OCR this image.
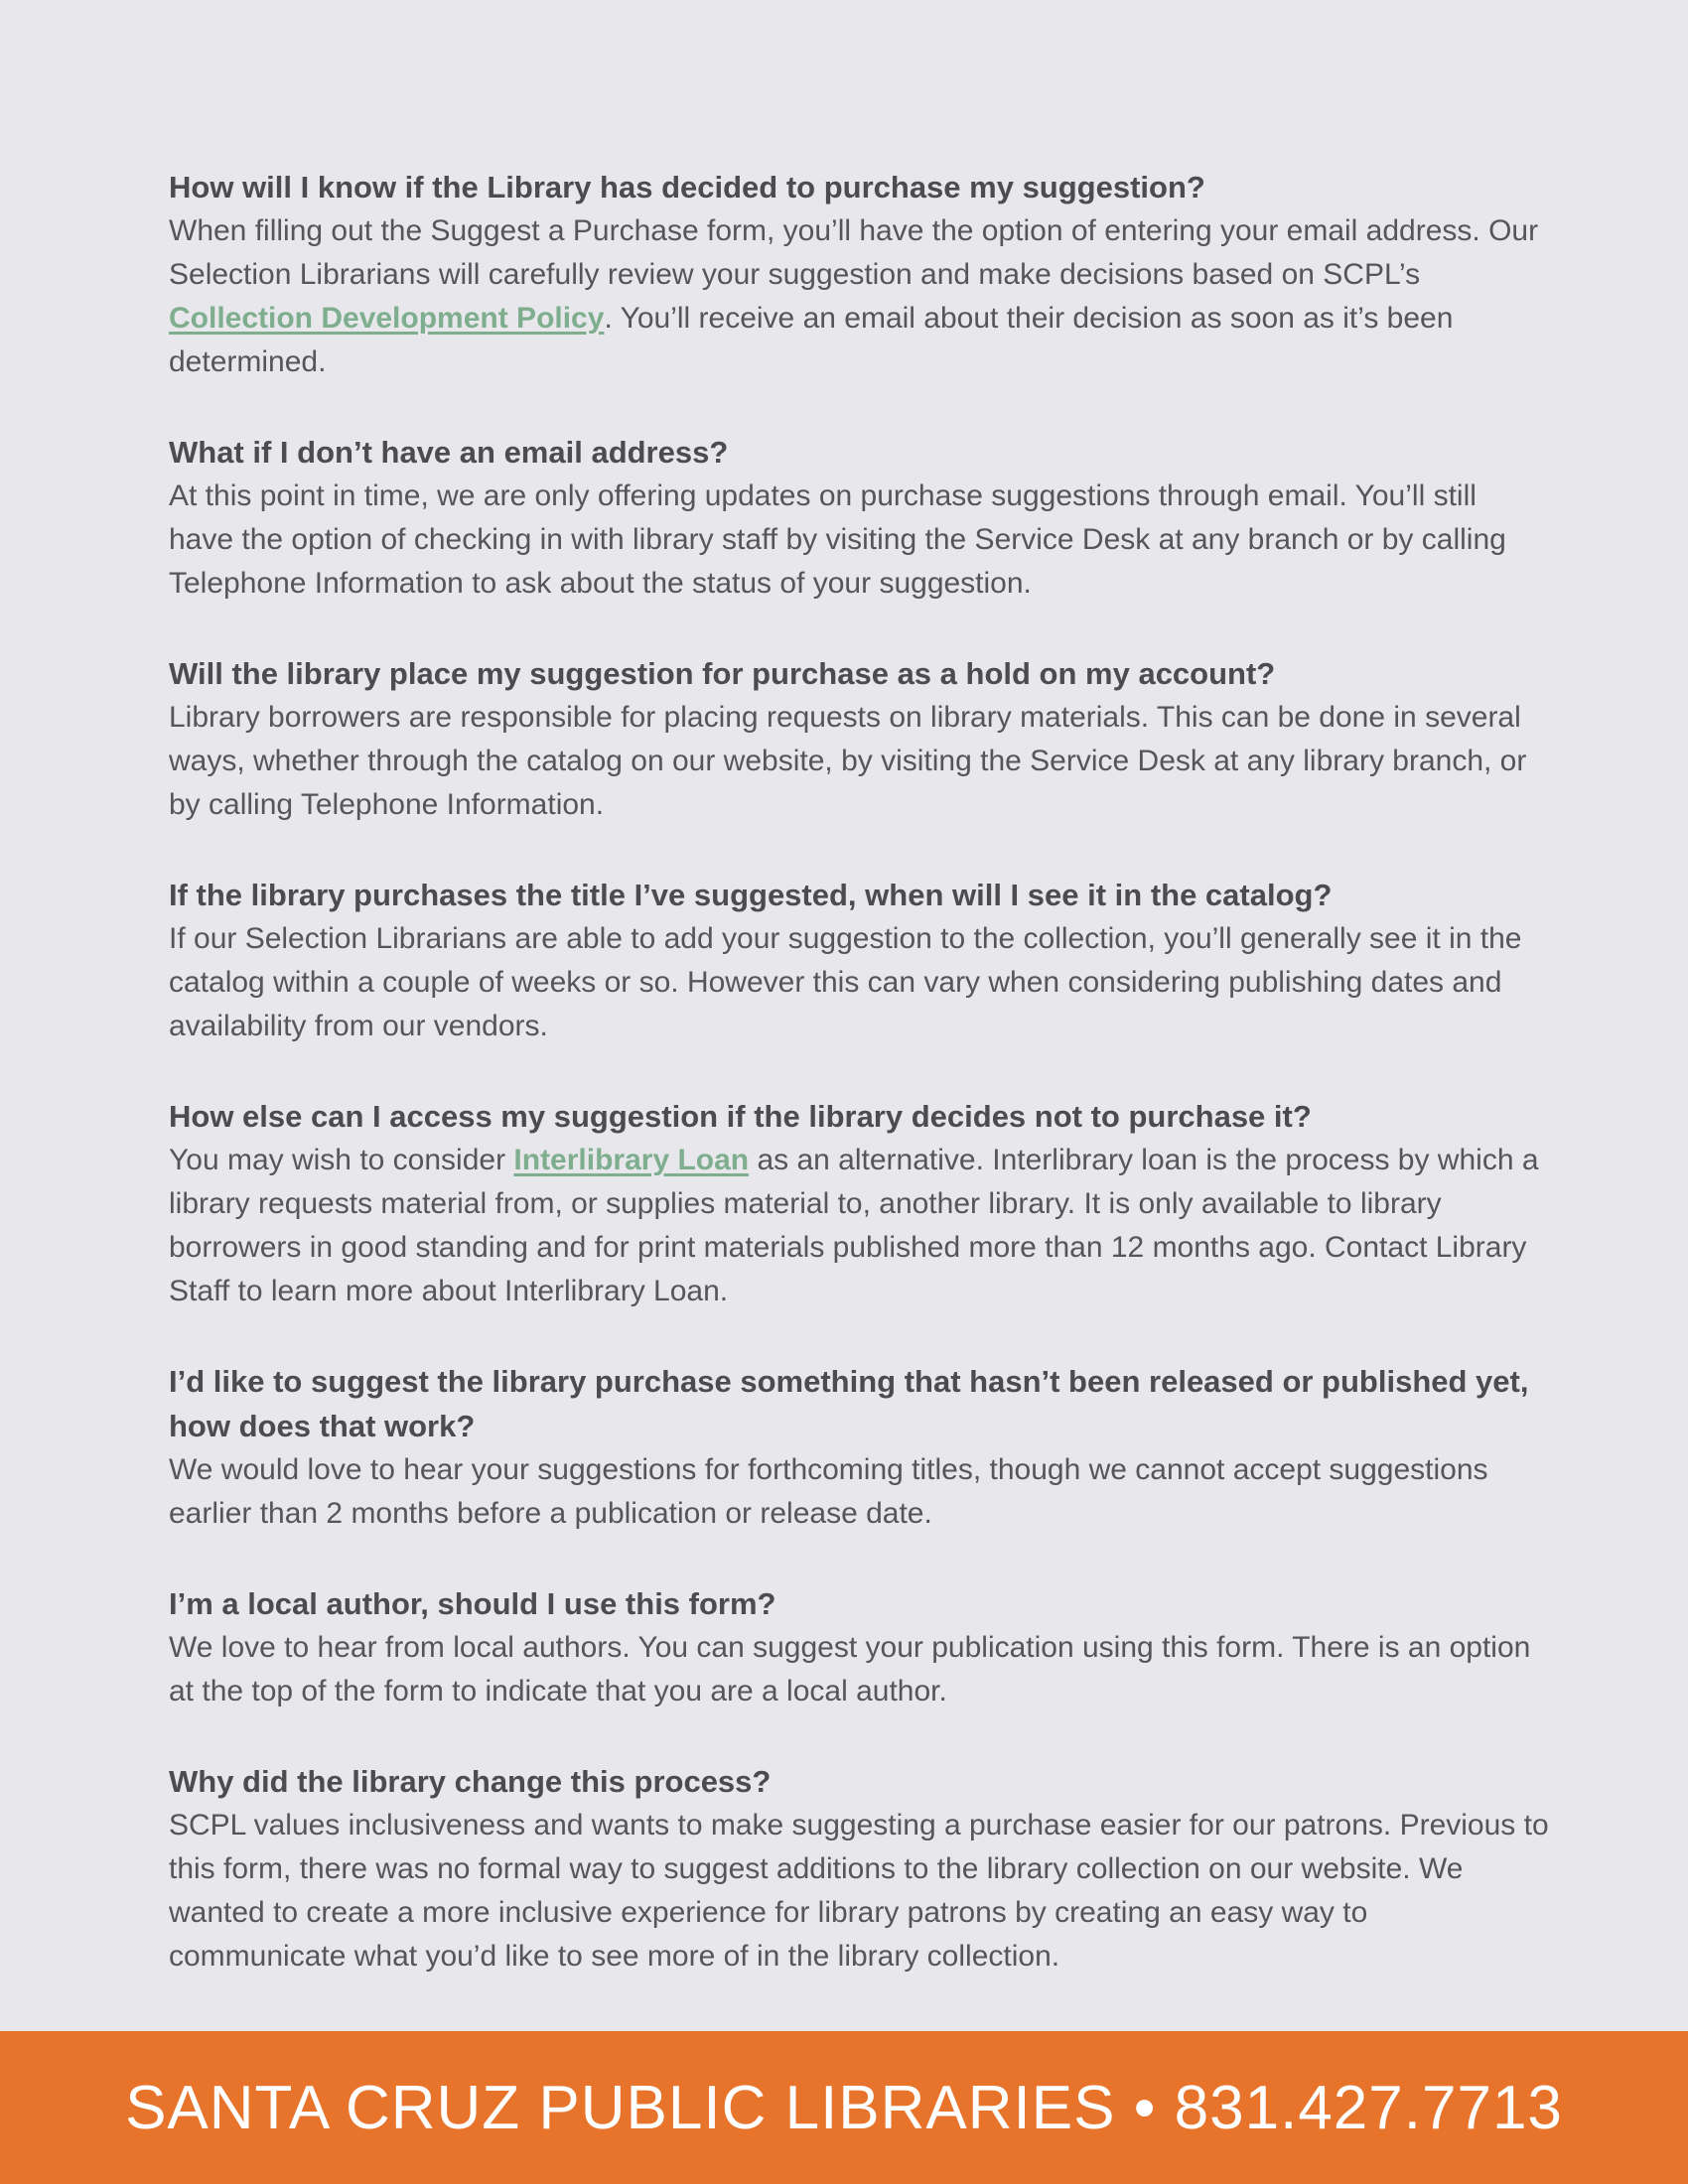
How will I know if the Library has decided to purchase my suggestion?

When filling out the Suggest a Purchase form, you’ll have the option of entering your email address. Our Selection Librarians will carefully review your suggestion and make decisions based on SCPL’s Collection Development Policy. You’ll receive an email about their decision as soon as it’s been determined.

What if I don’t have an email address?

At this point in time, we are only offering updates on purchase suggestions through email. You’ll still have the option of checking in with library staff by visiting the Service Desk at any branch or by calling Telephone Information to ask about the status of your suggestion.

Will the library place my suggestion for purchase as a hold on my account?

Library borrowers are responsible for placing requests on library materials. This can be done in several ways, whether through the catalog on our website, by visiting the Service Desk at any library branch, or by calling Telephone Information.

If the library purchases the title I’ve suggested, when will I see it in the catalog?

If our Selection Librarians are able to add your suggestion to the collection, you’ll generally see it in the catalog within a couple of weeks or so. However this can vary when considering publishing dates and availability from our vendors.

How else can I access my suggestion if the library decides not to purchase it?

You may wish to consider Interlibrary Loan as an alternative. Interlibrary loan is the process by which a library requests material from, or supplies material to, another library. It is only available to library borrowers in good standing and for print materials published more than 12 months ago. Contact Library Staff to learn more about Interlibrary Loan.

I’d like to suggest the library purchase something that hasn’t been released or published yet, how does that work?

We would love to hear your suggestions for forthcoming titles, though we cannot accept suggestions earlier than 2 months before a publication or release date.

I’m a local author, should I use this form?

We love to hear from local authors. You can suggest your publication using this form. There is an option at the top of the form to indicate that you are a local author.

Why did the library change this process?

SCPL values inclusiveness and wants to make suggesting a purchase easier for our patrons. Previous to this form, there was no formal way to suggest additions to the library collection on our website. We wanted to create a more inclusive experience for library patrons by creating an easy way to communicate what you’d like to see more of in the library collection.

SANTA CRUZ PUBLIC LIBRARIES • 831.427.7713
